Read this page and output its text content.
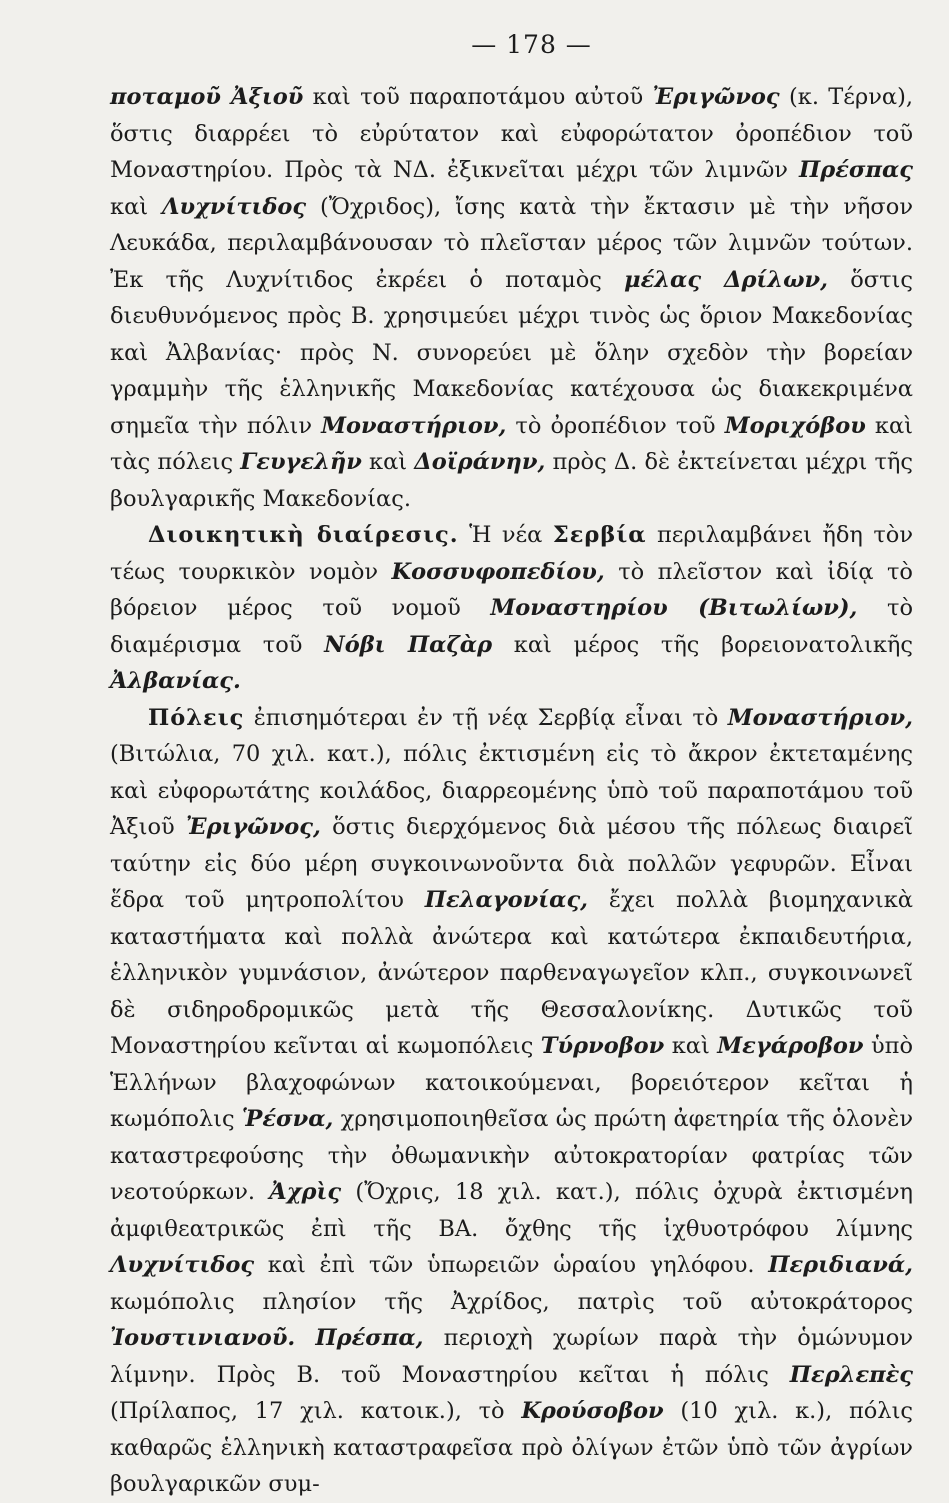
— 178 —

ποταμοῦ Ἀξιοῦ καὶ τοῦ παραποτάμου αὐτοῦ Ἐριγῶνος (κ. Τέρνα), ὅστις διαρρέει τὸ εὐρύτατον καὶ εὐφορώτατον ὀροπέδιον τοῦ Μοναστηρίου. Πρὸς τὰ ΝΔ. ἐξικνεῖται μέχρι τῶν λιμνῶν Πρέσπας καὶ Λυχνίτιδος (Ὄχριδος), ἴσης κατὰ τὴν ἔκτασιν μὲ τὴν νῆσον Λευκάδα, περιλαμβάνουσαν τὸ πλεῖσταν μέρος τῶν λιμνῶν τούτων. Ἐκ τῆς Λυχνίτιδος ἐκρέει ὁ ποταμὸς μέλας Δρίλων, ὅστις διευθυνόμενος πρὸς Β. χρησιμεύει μέχρι τινὸς ὡς ὅριον Μακεδονίας καὶ Ἀλβανίας· πρὸς Ν. συνορεύει μὲ ὅλην σχεδὸν τὴν βορείαν γραμμὴν τῆς ἑλληνικῆς Μακεδονίας κατέχουσα ὡς διακεκριμένα σημεῖα τὴν πόλιν Μοναστήριον, τὸ ὀροπέδιον τοῦ Μοριχόβου καὶ τὰς πόλεις Γευγελῆν καὶ Δοϊράνην, πρὸς Δ. δὲ ἐκτείνεται μέχρι τῆς βουλγαρικῆς Μακεδονίας.

Διοικητικὴ διαίρεσις. Ἡ νέα Σερβία περιλαμβάνει ἤδη τὸν τέως τουρκικὸν νομὸν Κοσσυφοπεδίου, τὸ πλεῖστον καὶ ἰδίᾳ τὸ βόρειον μέρος τοῦ νομοῦ Μοναστηρίου (Βιτωλίων), τὸ διαμέρισμα τοῦ Νόβι Παζὰρ καὶ μέρος τῆς βορειονατολικῆς Ἀλβανίας.

Πόλεις ἐπισημότεραι ἐν τῇ νέᾳ Σερβίᾳ εἶναι τὸ Μοναστήριον, (Βιτώλια, 70 χιλ. κατ.), πόλις ἐκτισμένη εἰς τὸ ἄκρον ἐκτεταμένης καὶ εὐφορωτάτης κοιλάδος, διαρρεομένης ὑπὸ τοῦ παραποτάμου τοῦ Ἀξιοῦ Ἐριγῶνος, ὅστις διερχόμενος διὰ μέσου τῆς πόλεως διαιρεῖ ταύτην εἰς δύο μέρη συγκοινωνοῦντα διὰ πολλῶν γεφυρῶν. Εἶναι ἕδρα τοῦ μητροπολίτου Πελαγονίας, ἔχει πολλὰ βιομηχανικὰ καταστήματα καὶ πολλὰ ἀνώτερα καὶ κατώτερα ἐκπαιδευτήρια, ἑλληνικὸν γυμνάσιον, ἀνώτερον παρθεναγωγεῖον κλπ., συγκοινωνεῖ δὲ σιδηροδρομικῶς μετὰ τῆς Θεσσαλονίκης. Δυτικῶς τοῦ Μοναστηρίου κεῖνται αἱ κωμοπόλεις Τύρνοβον καὶ Μεγάροβον ὑπὸ Ἑλλήνων βλαχοφώνων κατοικούμεναι, βορειότερον κεῖται ἡ κωμόπολις Ῥέσνα, χρησιμοποιηθεῖσα ὡς πρώτη ἀφετηρία τῆς ὁλονὲν καταστρεφούσης τὴν ὀθωμανικὴν αὐτοκρατορίαν φατρίας τῶν νεοτούρκων. Ἀχρὶς (Ὄχρις, 18 χιλ. κατ.), πόλις ὀχυρὰ ἐκτισμένη ἀμφιθεατρικῶς ἐπὶ τῆς ΒΑ. ὄχθης τῆς ἰχθυοτρόφου λίμνης Λυχνίτιδος καὶ ἐπὶ τῶν ὑπωρειῶν ὡραίου γηλόφου. Περιδιανά, κωμόπολις πλησίον τῆς Ἀχρίδος, πατρὶς τοῦ αὐτοκράτορος Ἰουστινιανοῦ. Πρέσπα, περιοχὴ χωρίων παρὰ τὴν ὁμώνυμον λίμνην. Πρὸς Β. τοῦ Μοναστηρίου κεῖται ἡ πόλις Περλεπὲς (Πρίλαπος, 17 χιλ. κατοικ.), τὸ Κρούσοβον (10 χιλ. κ.), πόλις καθαρῶς ἑλληνικὴ καταστραφεῖσα πρὸ ὀλίγων ἐτῶν ὑπὸ τῶν ἀγρίων βουλγαρικῶν συμ-
